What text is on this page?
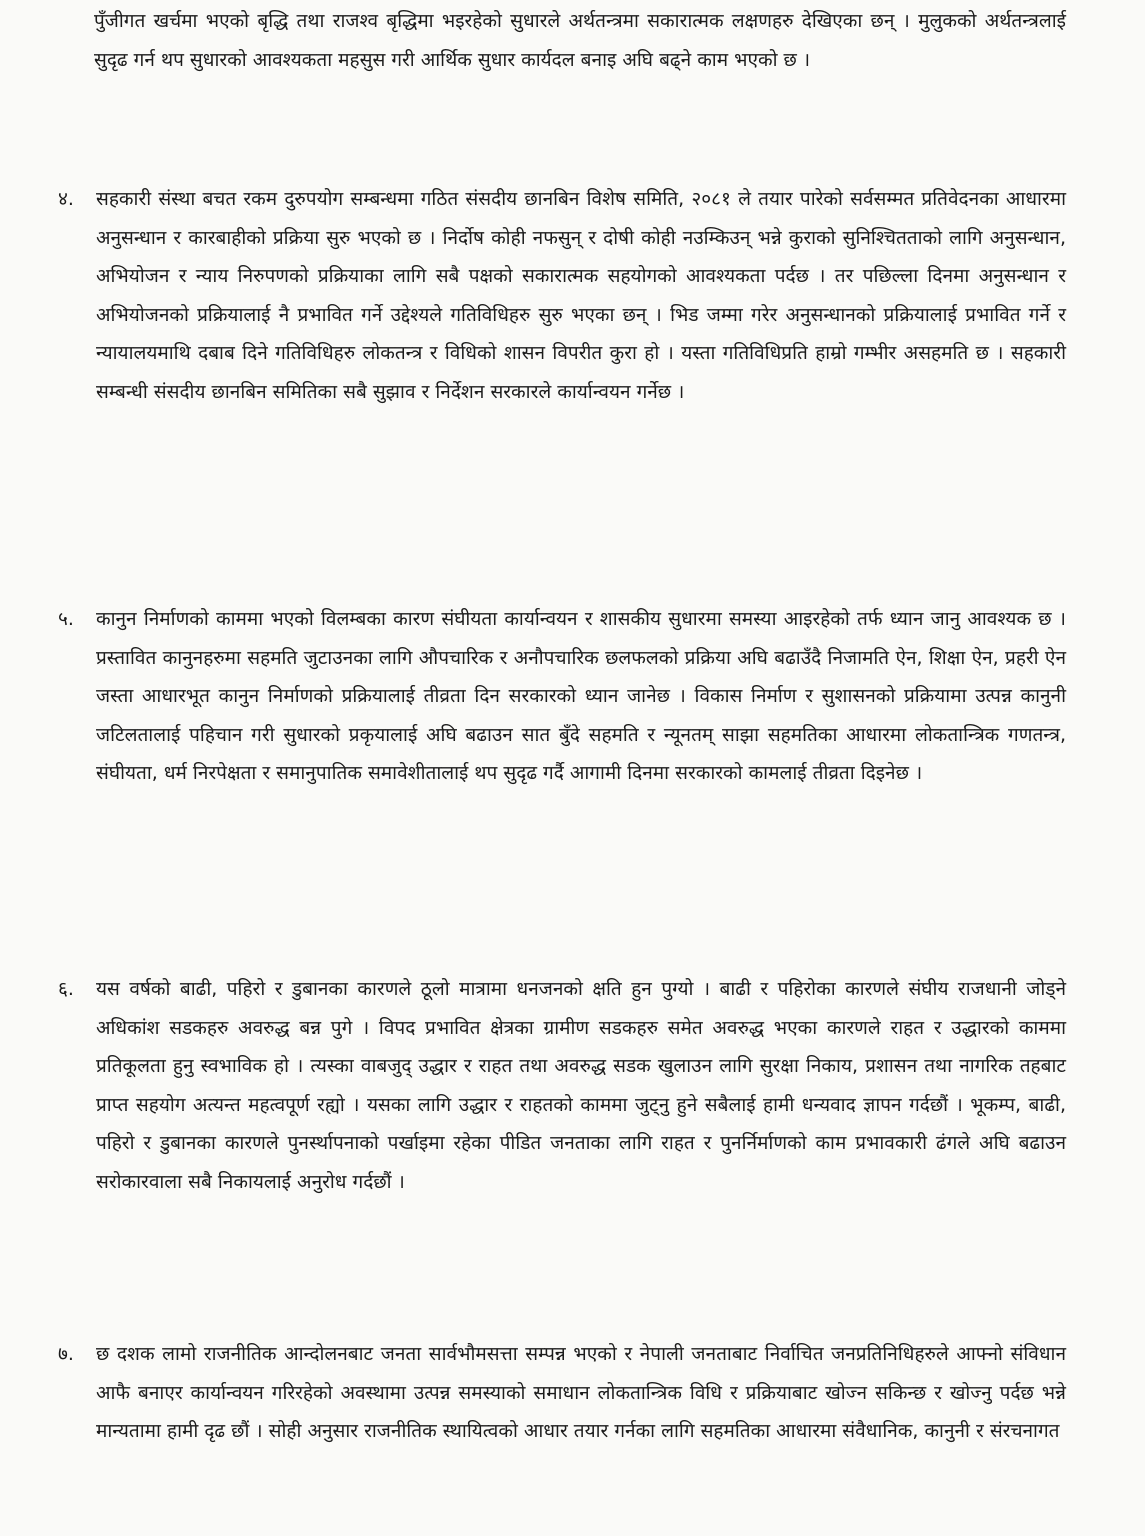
पुँजीगत खर्चमा भएको बृद्धि तथा राजश्व बृद्धिमा भइरहेको सुधारले अर्थतन्त्रमा सकारात्मक लक्षणहरु देखिएका छन् । मुलुकको अर्थतन्त्रलाई सुदृढ गर्न थप सुधारको आवश्यकता महसुस गरी आर्थिक सुधार कार्यदल बनाइ अघि बढ्ने काम भएको छ ।
४.	सहकारी संस्था बचत रकम दुरुपयोग सम्बन्धमा गठित संसदीय छानबिन विशेष समिति, २०८१ ले तयार पारेको सर्वसम्मत प्रतिवेदनका आधारमा अनुसन्धान र कारबाहीको प्रक्रिया सुरु भएको छ । निर्दोष कोही नफसुन् र दोषी कोही नउम्किउन् भन्ने कुराको सुनिश्चितताको लागि अनुसन्धान, अभियोजन र न्याय निरुपणको प्रक्रियाका लागि सबै पक्षको सकारात्मक सहयोगको आवश्यकता पर्दछ । तर पछिल्ला दिनमा अनुसन्धान र अभियोजनको प्रक्रियालाई नै प्रभावित गर्ने उद्देश्यले गतिविधिहरु सुरु भएका छन् । भिड जम्मा गरेर अनुसन्धानको प्रक्रियालाई प्रभावित गर्ने र न्यायालयमाथि दबाब दिने गतिविधिहरु लोकतन्त्र र विधिको शासन विपरीत कुरा हो । यस्ता गतिविधिप्रति हाम्रो गम्भीर असहमति छ । सहकारी सम्बन्धी संसदीय छानबिन समितिका सबै सुझाव र निर्देशन सरकारले कार्यान्वयन गर्नेछ ।
५.	कानुन निर्माणको काममा भएको विलम्बका कारण संघीयता कार्यान्वयन र शासकीय सुधारमा समस्या आइरहेको तर्फ ध्यान जानु आवश्यक छ । प्रस्तावित कानुनहरुमा सहमति जुटाउनका लागि औपचारिक र अनौपचारिक छलफलको प्रक्रिया अघि बढाउँदै निजामति ऐन, शिक्षा ऐन, प्रहरी ऐन जस्ता आधारभूत कानुन निर्माणको प्रक्रियालाई तीव्रता दिन सरकारको ध्यान जानेछ । विकास निर्माण र सुशासनको प्रक्रियामा उत्पन्न कानुनी जटिलतालाई पहिचान गरी सुधारको प्रकृयालाई अघि बढाउन सात बुँदे सहमति र न्यूनतम् साझा सहमतिका आधारमा लोकतान्त्रिक गणतन्त्र, संघीयता, धर्म निरपेक्षता र समानुपातिक समावेशीतालाई थप सुदृढ गर्दै आगामी दिनमा सरकारको कामलाई तीव्रता दिइनेछ ।
६.	यस वर्षको बाढी, पहिरो र डुबानका कारणले ठूलो मात्रामा धनजनको क्षति हुन पुग्यो । बाढी र पहिरोका कारणले संघीय राजधानी जोड्ने अधिकांश सडकहरु अवरुद्ध बन्न पुगे । विपद प्रभावित क्षेत्रका ग्रामीण सडकहरु समेत अवरुद्ध भएका कारणले राहत र उद्धारको काममा प्रतिकूलता हुनु स्वभाविक हो । त्यस्का वाबजुद् उद्धार र राहत तथा अवरुद्ध सडक खुलाउन लागि सुरक्षा निकाय, प्रशासन तथा नागरिक तहबाट प्राप्त सहयोग अत्यन्त महत्वपूर्ण रह्यो । यसका लागि उद्धार र राहतको काममा जुट्नु हुने सबैलाई हामी धन्यवाद ज्ञापन गर्दछौं । भूकम्प, बाढी, पहिरो र डुबानका कारणले पुनर्स्थापनाको पर्खाइमा रहेका पीडित जनताका लागि राहत र पुनर्निर्माणको काम प्रभावकारी ढंगले अघि बढाउन सरोकारवाला सबै निकायलाई अनुरोध गर्दछौं ।
७.	छ दशक लामो राजनीतिक आन्दोलनबाट जनता सार्वभौमसत्ता सम्पन्न भएको र नेपाली जनताबाट निर्वाचित जनप्रतिनिधिहरुले आफ्नो संविधान आफै बनाएर कार्यान्वयन गरिरहेको अवस्थामा उत्पन्न समस्याको समाधान लोकतान्त्रिक विधि र प्रक्रियाबाट खोज्न सकिन्छ र खोज्नु पर्दछ भन्ने मान्यतामा हामी दृढ छौं । सोही अनुसार राजनीतिक स्थायित्वको आधार तयार गर्नका लागि सहमतिका आधारमा संवैधानिक, कानुनी र संरचनागत
